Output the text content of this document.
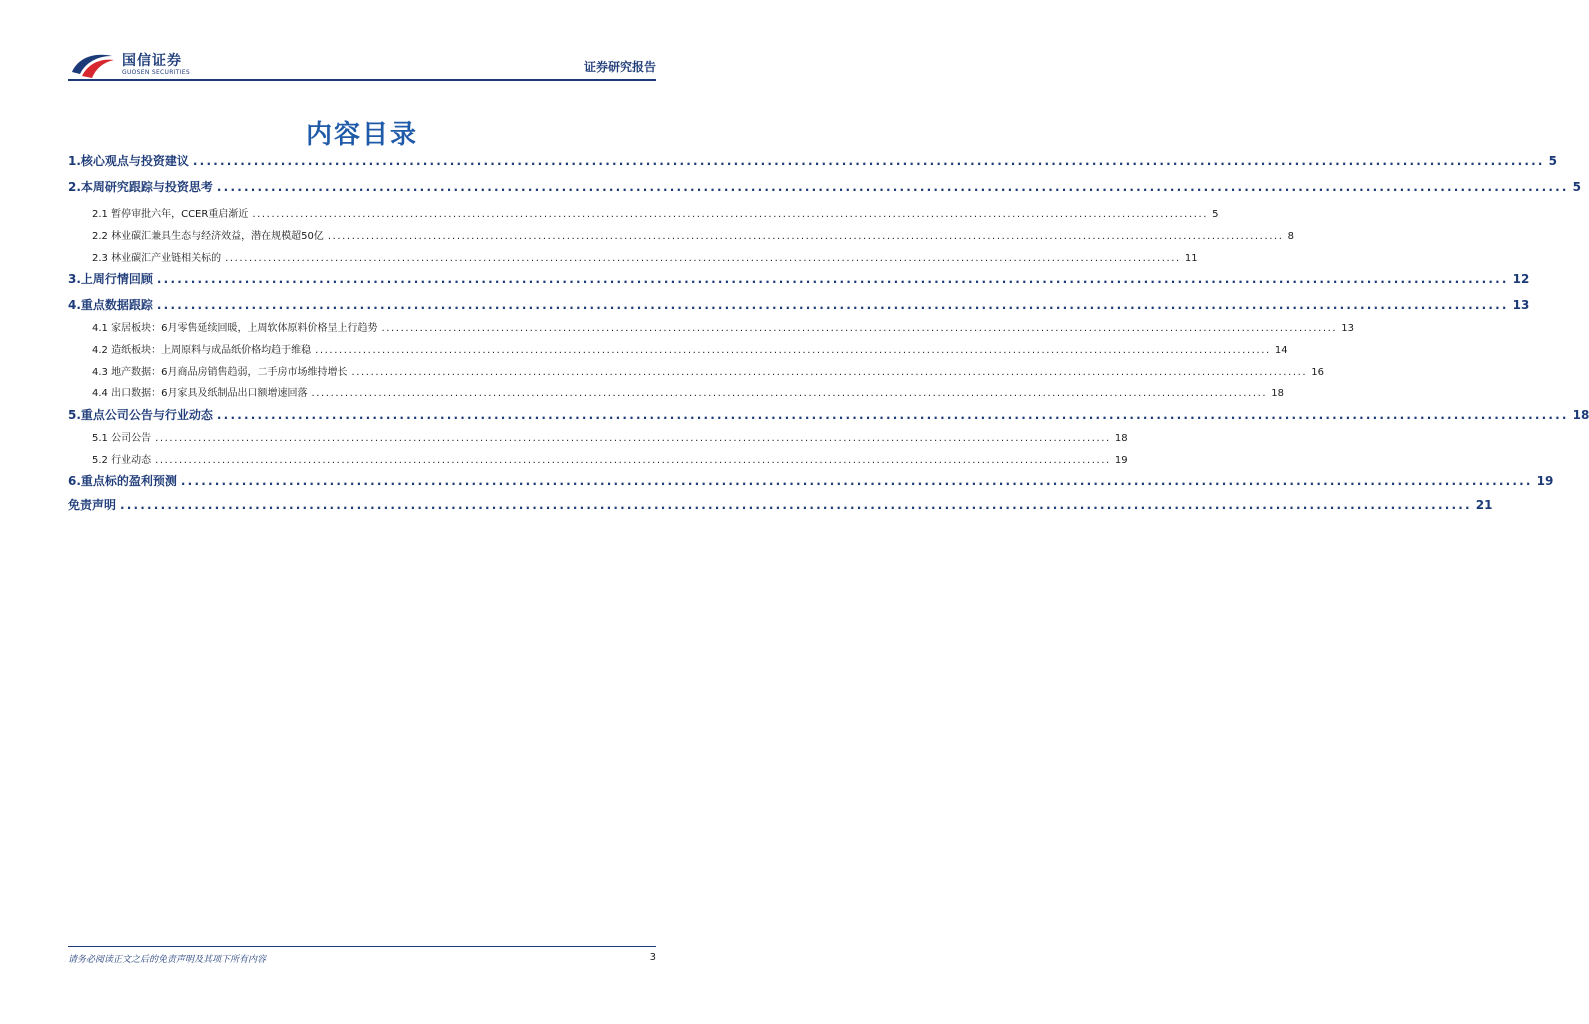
国信证券
GUOSEN SECURITIES	证券研究报告
内容目录
1.核心观点与投资建议 ........................................................................................................................................................................................................ 5
2.本周研究跟踪与投资思考 ........................................................................................................................................................................................................ 5
2.1 暂停审批六年，CCER重启渐近 ........................................................................................................................................................................................................ 5
2.2 林业碳汇兼具生态与经济效益，潜在规模超50亿 ........................................................................................................................................................................................................ 8
2.3 林业碳汇产业链相关标的 ........................................................................................................................................................................................................ 11
3.上周行情回顾 ........................................................................................................................................................................................................ 12
4.重点数据跟踪 ........................................................................................................................................................................................................ 13
4.1 家居板块：6月零售延续回暖，上周软体原料价格呈上行趋势 ........................................................................................................................................................................................................ 13
4.2 造纸板块：上周原料与成品纸价格均趋于维稳 ........................................................................................................................................................................................................ 14
4.3 地产数据：6月商品房销售趋弱，二手房市场维持增长 ........................................................................................................................................................................................................ 16
4.4 出口数据：6月家具及纸制品出口额增速回落 ........................................................................................................................................................................................................ 18
5.重点公司公告与行业动态 ........................................................................................................................................................................................................ 18
5.1 公司公告 ........................................................................................................................................................................................................ 18
5.2 行业动态 ........................................................................................................................................................................................................ 19
6.重点标的盈利预测 ........................................................................................................................................................................................................ 19
免责声明 ........................................................................................................................................................................................................ 21
请务必阅读正文之后的免责声明及其项下所有内容	3
